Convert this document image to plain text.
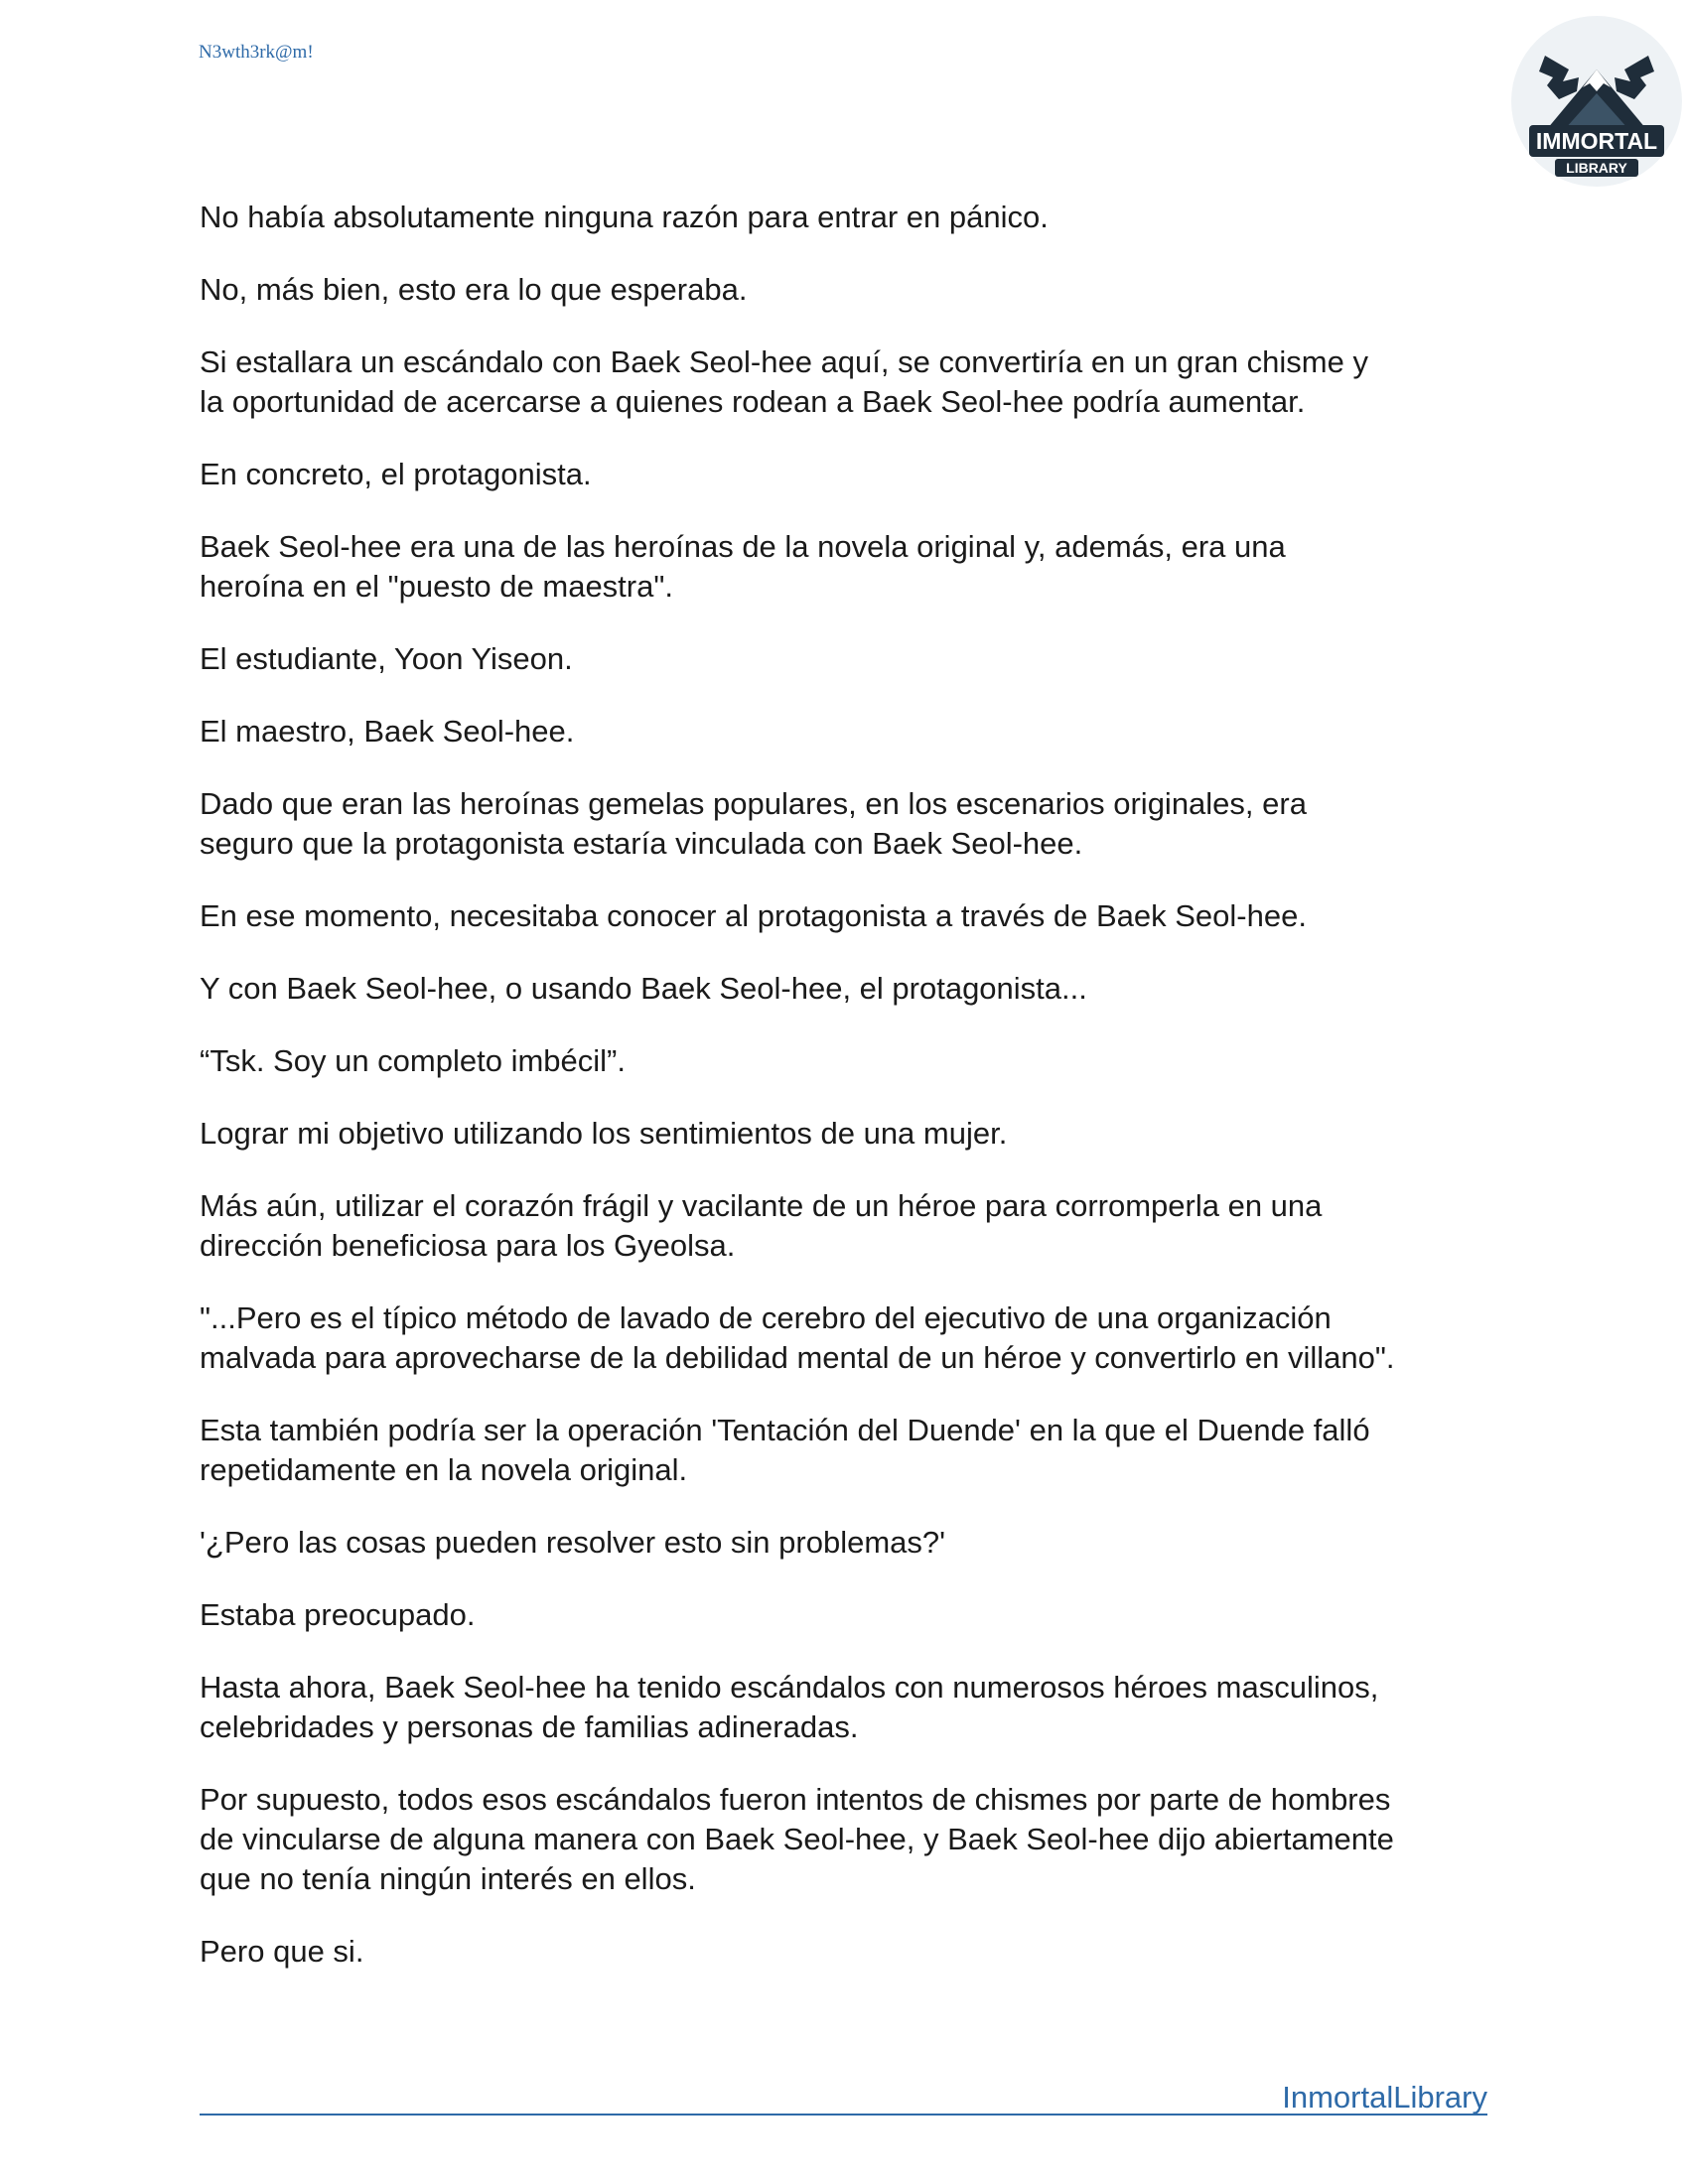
N3wth3rk@m!
IMMORTAL
LIBRARY

No había absolutamente ninguna razón para entrar en pánico.

No, más bien, esto era lo que esperaba.

Si estallara un escándalo con Baek Seol-hee aquí, se convertiría en un gran chisme y
la oportunidad de acercarse a quienes rodean a Baek Seol-hee podría aumentar.

En concreto, el protagonista.

Baek Seol-hee era una de las heroínas de la novela original y, además, era una
heroína en el "puesto de maestra".

El estudiante, Yoon Yiseon.

El maestro, Baek Seol-hee.

Dado que eran las heroínas gemelas populares, en los escenarios originales, era
seguro que la protagonista estaría vinculada con Baek Seol-hee.

En ese momento, necesitaba conocer al protagonista a través de Baek Seol-hee.

Y con Baek Seol-hee, o usando Baek Seol-hee, el protagonista...

“Tsk. Soy un completo imbécil”.

Lograr mi objetivo utilizando los sentimientos de una mujer.

Más aún, utilizar el corazón frágil y vacilante de un héroe para corromperla en una
dirección beneficiosa para los Gyeolsa.

"...Pero es el típico método de lavado de cerebro del ejecutivo de una organización
malvada para aprovecharse de la debilidad mental de un héroe y convertirlo en villano".

Esta también podría ser la operación 'Tentación del Duende' en la que el Duende falló
repetidamente en la novela original.

'¿Pero las cosas pueden resolver esto sin problemas?'

Estaba preocupado.

Hasta ahora, Baek Seol-hee ha tenido escándalos con numerosos héroes masculinos,
celebridades y personas de familias adineradas.

Por supuesto, todos esos escándalos fueron intentos de chismes por parte de hombres
de vincularse de alguna manera con Baek Seol-hee, y Baek Seol-hee dijo abiertamente
que no tenía ningún interés en ellos.

Pero que si.

InmortalLibrary
